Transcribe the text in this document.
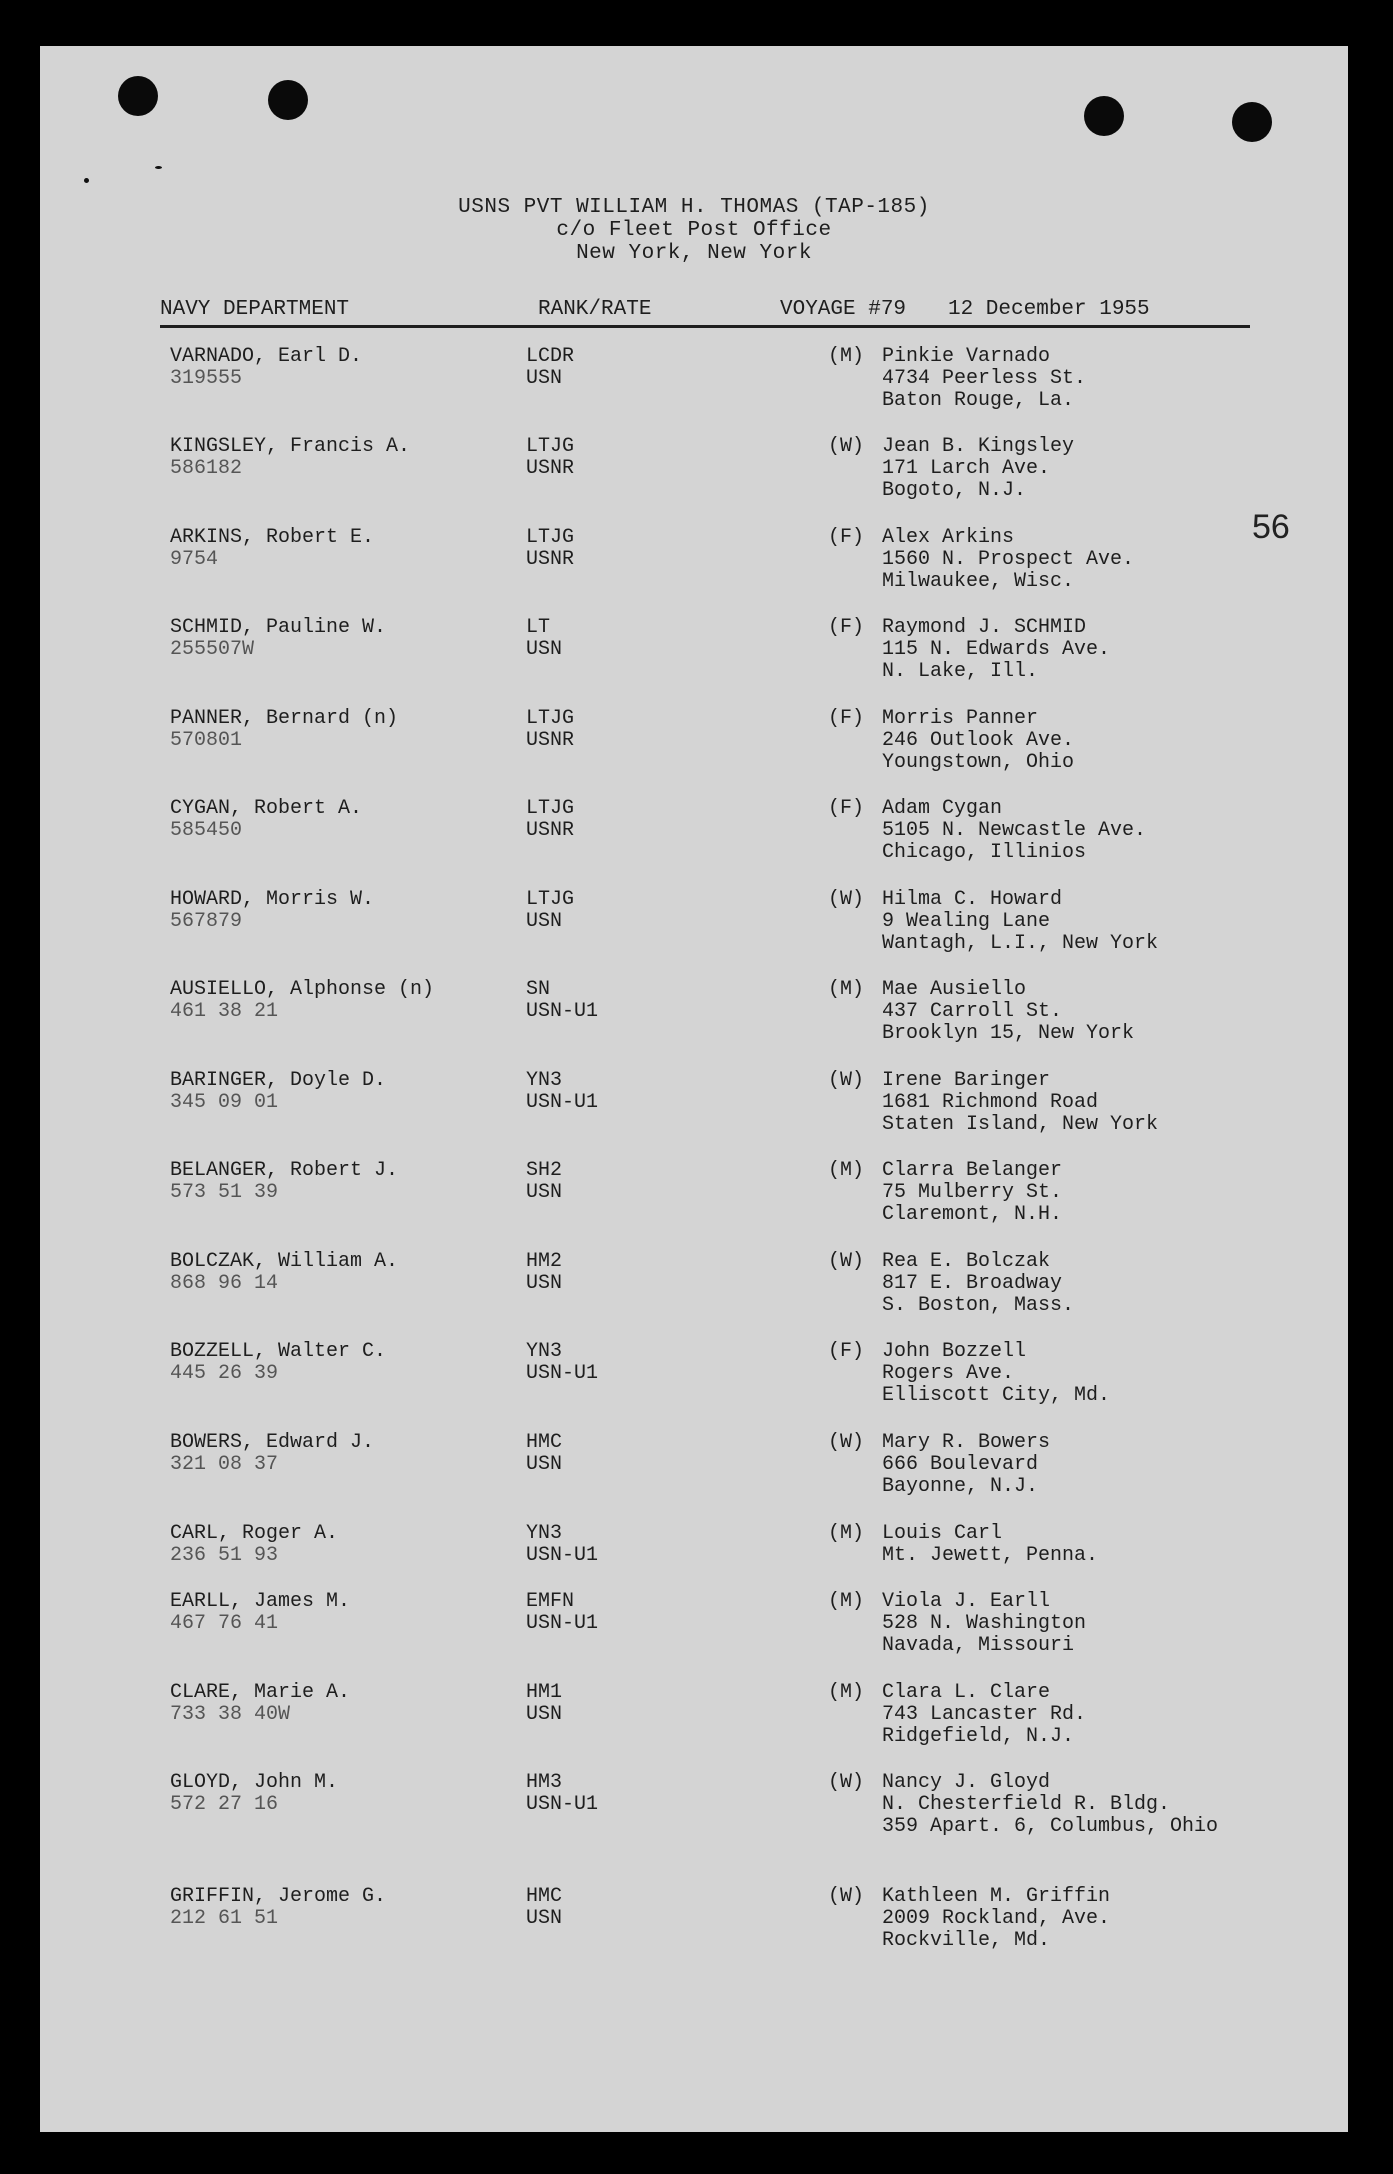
USNS PVT WILLIAM H. THOMAS (TAP-185)
c/o Fleet Post Office
New York, New York
NAVY DEPARTMENT	RANK/RATE	VOYAGE #79 12 December 1955
56
VARNADO, Earl D.
319555
LCDR
USN
(M) Pinkie Varnado
4734 Peerless St.
Baton Rouge, La.
KINGSLEY, Francis A.
586182
LTJG
USNR
(W) Jean B. Kingsley
171 Larch Ave.
Bogoto, N.J.
ARKINS, Robert E.
9754
LTJG
USNR
(F) Alex Arkins
1560 N. Prospect Ave.
Milwaukee, Wisc.
SCHMID, Pauline W.
255507W
LT
USN
(F) Raymond J. SCHMID
115 N. Edwards Ave.
N. Lake, Ill.
PANNER, Bernard (n)
570801
LTJG
USNR
(F) Morris Panner
246 Outlook Ave.
Youngstown, Ohio
CYGAN, Robert A.
585450
LTJG
USNR
(F) Adam Cygan
5105 N. Newcastle Ave.
Chicago, Illinios
HOWARD, Morris W.
567879
LTJG
USN
(W) Hilma C. Howard
9 Wealing Lane
Wantagh, L.I., New York
AUSIELLO, Alphonse (n)
461 38 21
SN
USN-U1
(M) Mae Ausiello
437 Carroll St.
Brooklyn 15, New York
BARINGER, Doyle D.
345 09 01
YN3
USN-U1
(W) Irene Baringer
1681 Richmond Road
Staten Island, New York
BELANGER, Robert J.
573 51 39
SH2
USN
(M) Clarra Belanger
75 Mulberry St.
Claremont, N.H.
BOLCZAK, William A.
868 96 14
HM2
USN
(W) Rea E. Bolczak
817 E. Broadway
S. Boston, Mass.
BOZZELL, Walter C.
445 26 39
YN3
USN-U1
(F) John Bozzell
Rogers Ave.
Elliscott City, Md.
BOWERS, Edward J.
321 08 37
HMC
USN
(W) Mary R. Bowers
666 Boulevard
Bayonne, N.J.
CARL, Roger A.
236 51 93
YN3
USN-U1
(M) Louis Carl
Mt. Jewett, Penna.
EARLL, James M.
467 76 41
EMFN
USN-U1
(M) Viola J. Earll
528 N. Washington
Navada, Missouri
CLARE, Marie A.
733 38 40W
HM1
USN
(M) Clara L. Clare
743 Lancaster Rd.
Ridgefield, N.J.
GLOYD, John M.
572 27 16
HM3
USN-U1
(W) Nancy J. Gloyd
N. Chesterfield R. Bldg.
359 Apart. 6, Columbus, Ohio
GRIFFIN, Jerome G.
212 61 51
HMC
USN
(W) Kathleen M. Griffin
2009 Rockland, Ave.
Rockville, Md.
